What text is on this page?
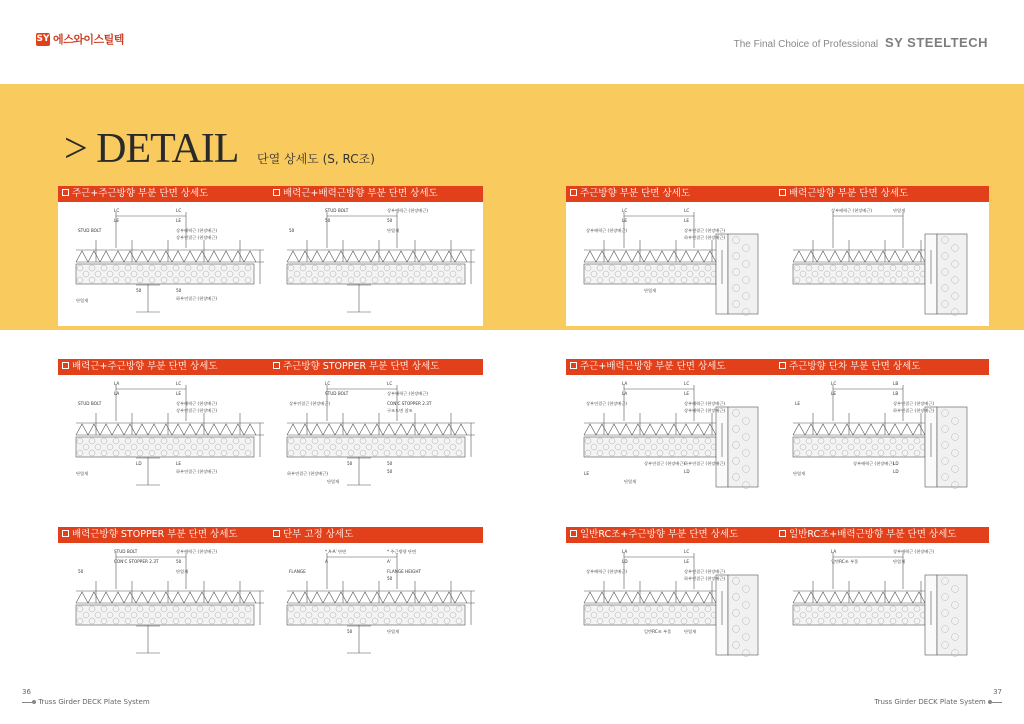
SY 에스와이스틸텍	The Final Choice of Professional SY STEELTECH
> DETAIL 단열 상세도 (S, RC조)
주근+주근방향 부분 단면 상세도
LC	LC
LE	LE
STUD BOLT	상부배력근 (현장배근)
상부연결근 (현장배근)
50	50
하부연결근 (현장배근)
단열재
배력근+배력근방향 부분 단면 상세도
STUD BOLT	상부배력근 (현장배근)
50	50
50	단열재
주근방향 부분 단면 상세도
LC	LC
LE	LE
상부배력근 (현장배근)	상부연결근 (현장배근)
하부연결근 (현장배근)
단열재
배력근방향 부분 단면 상세도
상부배력근 (현장배근)	단열재
배력근+주근방향 부분 단면 상세도
LA	LC
LA	LE
STUD BOLT	상부배력근 (현장배근)
상부연결근 (현장배근)
LD	LE
하부연결근 (현장배근)
단열재
주근방향 STOPPER 부분 단면 상세도
LC	LC
STUD BOLT	상부배력근 (현장배근)
상부연결근 (현장배근)	CON'C STOPPER 2.3T
구조도면 참조
50	50
50
하부연결근 (현장배근)
단열재
주근+배력근방향 부분 단면 상세도
LA	LC
LA	LE
상부연결근 (현장배근)	상부배력근 (현장배근)
상부배력근 (현장배근)
상부연결근 (현장배근)
하부연결근 (현장배근)
LD
LE
단열재
주근방향 단차 부분 단면 상세도
LC	LB
LE	LB
LE	상부연결근 (현장배근)
하부연결근 (현장배근)
상부배력근 (현장배근)
LD
LD
단열재
배력근방향 STOPPER 부분 단면 상세도
STUD BOLT	상부배력근 (현장배근)
CON'C STOPPER 2.3T	50
50	단열재
단부 고정 상세도
* A-A' 단면	* 주근방향 단면
A	A'
FLANGE	FLANGE HEIGHT
50
50	단열재
일반RC조+주근방향 부분 단면 상세도
LA	LC
LD	LE
상부배력근 (현장배근)	상부연결근 (현장배근)
하부연결근 (현장배근)
일반RC조 부물	단열재
일반RC조+배력근방향 부분 단면 상세도
LA	상부배력근 (현장배근)
일반RC조 부물	단열재
36
Truss Girder DECK Plate System
37
Truss Girder DECK Plate System
